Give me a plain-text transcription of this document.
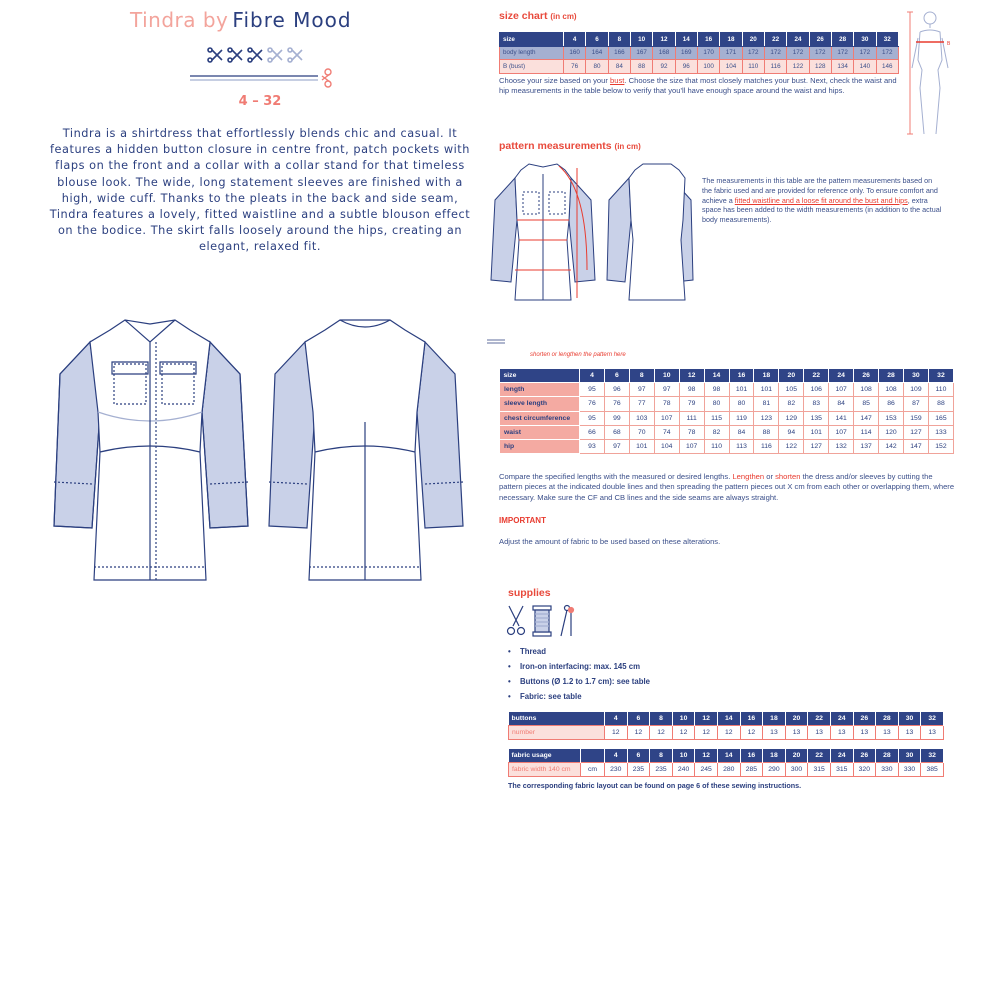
Tindra by Fibre Mood
4 – 32
Tindra is a shirtdress that effortlessly blends chic and casual. It features a hidden button closure in centre front, patch pockets with flaps on the front and a collar with a collar stand for that timeless blouse look. The wide, long statement sleeves are finished with a high, wide cuff. Thanks to the pleats in the back and side seam, Tindra features a lovely, fitted waistline and a subtle blouson effect on the bodice. The skirt falls loosely around the hips, creating an elegant, relaxed fit.
size chart (in cm)
size	4	6	8	10	12	14	16	18	20	22	24	26	28	30	32
body length	160	164	166	167	168	169	170	171	172	172	172	172	172	172	172
B (bust)	76	80	84	88	92	96	100	104	110	116	122	128	134	140	146
Choose your size based on your bust. Choose the size that most closely matches your bust. Next, check the waist and hip measurements in the table below to verify that you'll have enough space around the waist and hips.
B
pattern measurements (in cm)
The measurements in this table are the pattern measurements based on the fabric used and are provided for reference only. To ensure comfort and achieve a fitted waistline and a loose fit around the bust and hips, extra space has been added to the width measurements (in addition to the actual body measurements).
shorten or lengthen the pattern here
size	4	6	8	10	12	14	16	18	20	22	24	26	28	30	32
length	95	96	97	97	98	98	101	101	105	106	107	108	108	109	110
sleeve length	76	76	77	78	79	80	80	81	82	83	84	85	86	87	88
chest circumference	95	99	103	107	111	115	119	123	129	135	141	147	153	159	165
waist	66	68	70	74	78	82	84	88	94	101	107	114	120	127	133
hip	93	97	101	104	107	110	113	116	122	127	132	137	142	147	152
Compare the specified lengths with the measured or desired lengths. Lengthen or shorten the dress and/or sleeves by cutting the pattern pieces at the indicated double lines and then spreading the pattern pieces out X cm from each other or overlapping them, where necessary. Make sure the CF and CB lines and the side seams are always straight.
IMPORTANT
Adjust the amount of fabric to be used based on these alterations.
supplies
• Thread
• Iron-on interfacing: max. 145 cm
• Buttons (Ø 1.2 to 1.7 cm): see table
• Fabric: see table
buttons	4	6	8	10	12	14	16	18	20	22	24	26	28	30	32
number	12	12	12	12	12	12	12	13	13	13	13	13	13	13	13
fabric usage		4	6	8	10	12	14	16	18	20	22	24	26	28	30	32
fabric width 140 cm	cm	230	235	235	240	245	280	285	290	300	315	315	320	330	330	385
The corresponding fabric layout can be found on page 6 of these sewing instructions.
